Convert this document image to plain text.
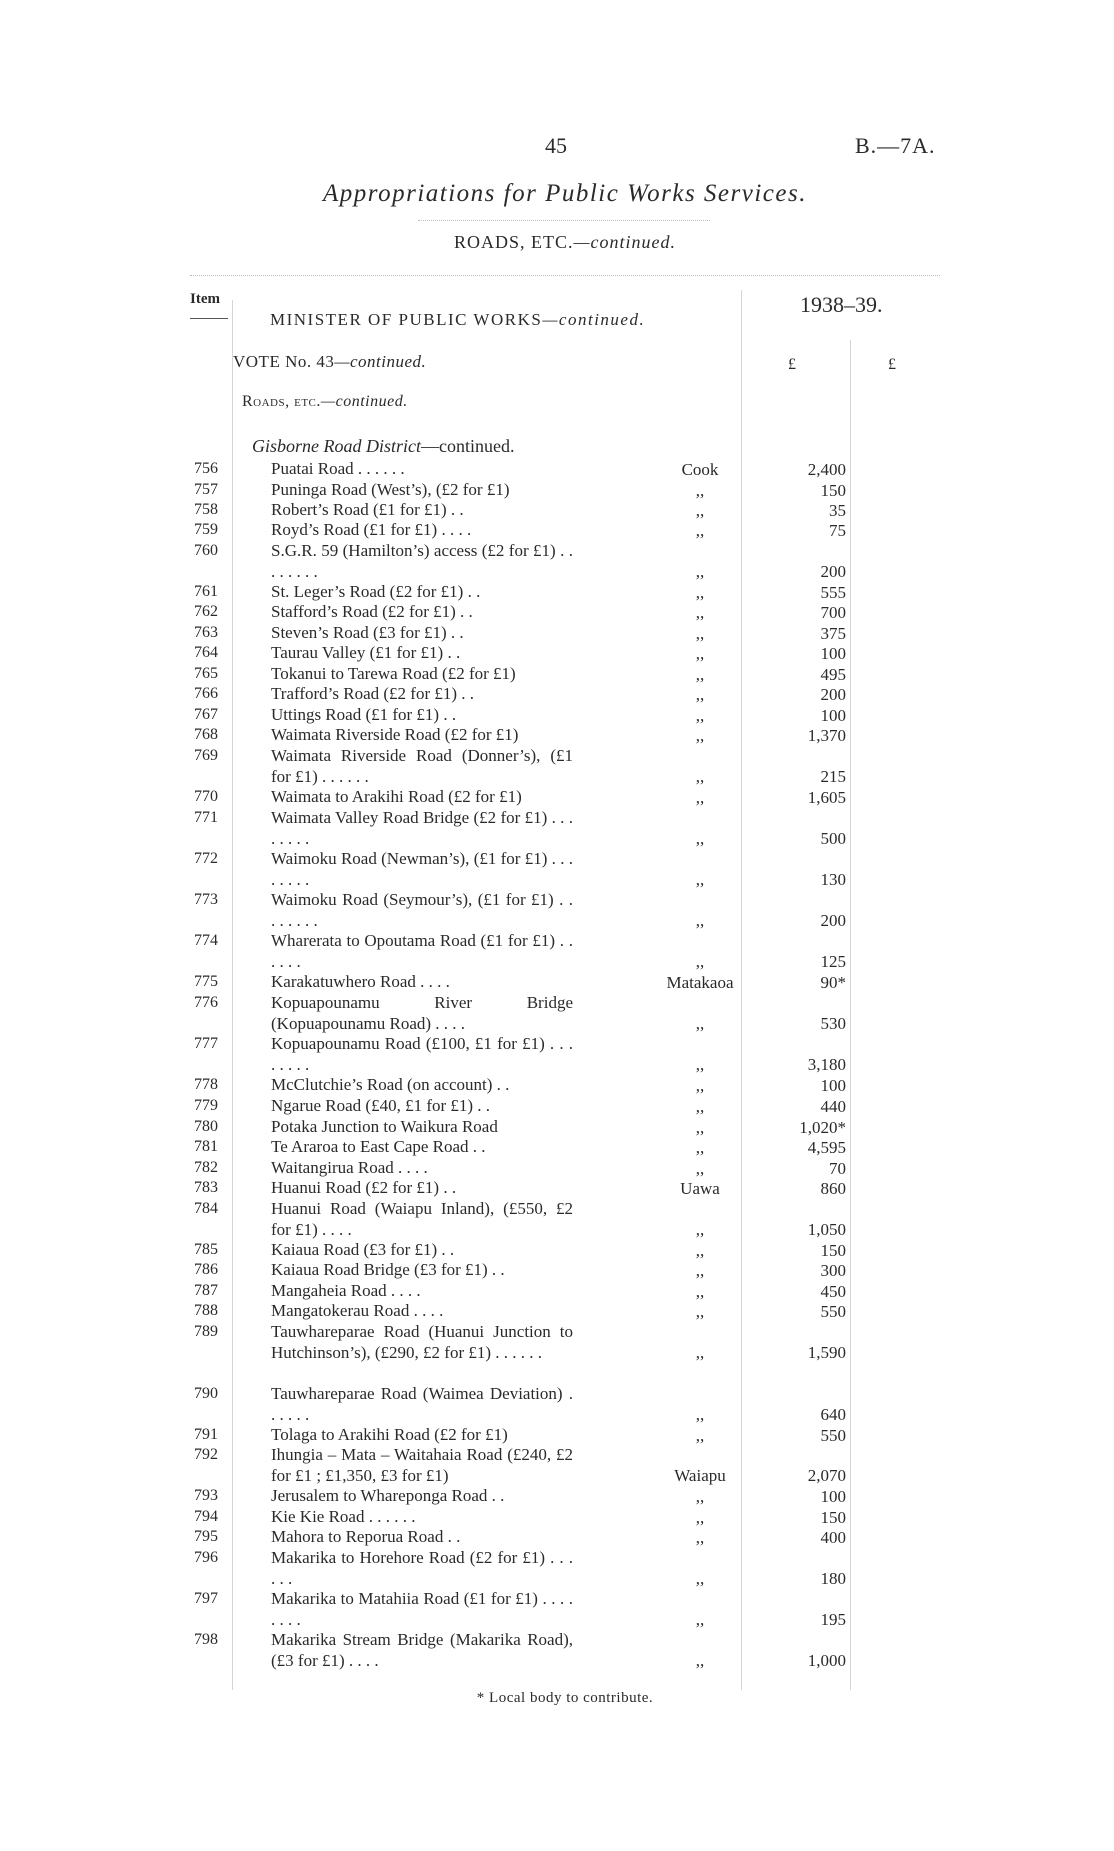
45	B.—7A.
Appropriations for Public Works Services.
ROADS, ETC.—continued.
Item	1938–39.
MINISTER OF PUBLIC WORKS—continued.
VOTE No. 43—continued.	£	£
Roads, etc.—continued.
Gisborne Road District—continued.
756	Puatai Road . . . . . .	Cook	2,400
757	Puninga Road (West’s), (£2 for £1)	,,	150
758	Robert’s Road (£1 for £1) . .	,,	35
759	Royd’s Road (£1 for £1) . . . .	,,	75
760	S.G.R. 59 (Hamilton’s) access (£2 for £1) . . . . . . . .	,,	200
761	St. Leger’s Road (£2 for £1) . .	,,	555
762	Stafford’s Road (£2 for £1) . .	,,	700
763	Steven’s Road (£3 for £1) . .	,,	375
764	Taurau Valley (£1 for £1) . .	,,	100
765	Tokanui to Tarewa Road (£2 for £1)	,,	495
766	Trafford’s Road (£2 for £1) . .	,,	200
767	Uttings Road (£1 for £1) . .	,,	100
768	Waimata Riverside Road (£2 for £1)	,,	1,370
769	Waimata Riverside Road (Donner’s), (£1 for £1) . . . . . .	,,	215
770	Waimata to Arakihi Road (£2 for £1)	,,	1,605
771	Waimata Valley Road Bridge (£2 for £1) . . . . . . . .	,,	500
772	Waimoku Road (Newman’s), (£1 for £1) . . . . . . . .	,,	130
773	Waimoku Road (Seymour’s), (£1 for £1) . . . . . . . .	,,	200
774	Wharerata to Opoutama Road (£1 for £1) . . . . . .	,,	125
775	Karakatuwhero Road . . . .	Matakaoa	90*
776	Kopuapounamu River Bridge (Kopuapounamu Road) . . . .	,,	530
777	Kopuapounamu Road (£100, £1 for £1) . . . . . . . .	,,	3,180
778	McClutchie’s Road (on account) . .	,,	100
779	Ngarue Road (£40, £1 for £1) . .	,,	440
780	Potaka Junction to Waikura Road	,,	1,020*
781	Te Araroa to East Cape Road . .	,,	4,595
782	Waitangirua Road . . . .	,,	70
783	Huanui Road (£2 for £1) . .	Uawa	860
784	Huanui Road (Waiapu Inland), (£550, £2 for £1) . . . .	,,	1,050
785	Kaiaua Road (£3 for £1) . .	,,	150
786	Kaiaua Road Bridge (£3 for £1) . .	,,	300
787	Mangaheia Road . . . .	,,	450
788	Mangatokerau Road . . . .	,,	550
789	Tauwhareparae Road (Huanui Junction to Hutchinson’s), (£290, £2 for £1) . . . . . .	,,	1,590
790	Tauwhareparae Road (Waimea Deviation) . . . . . .	,,	640
791	Tolaga to Arakihi Road (£2 for £1)	,,	550
792	Ihungia – Mata – Waitahaia Road (£240, £2 for £1 ; £1,350, £3 for £1)	Waiapu	2,070
793	Jerusalem to Wharepongа Road . .	,,	100
794	Kie Kie Road . . . . . .	,,	150
795	Mahora to Reporua Road . .	,,	400
796	Makarika to Horehore Road (£2 for £1) . . . . . .	,,	180
797	Makarika to Matahiia Road (£1 for £1) . . . . . . . .	,,	195
798	Makarika Stream Bridge (Makarika Road), (£3 for £1) . . . .	,,	1,000
* Local body to contribute.
